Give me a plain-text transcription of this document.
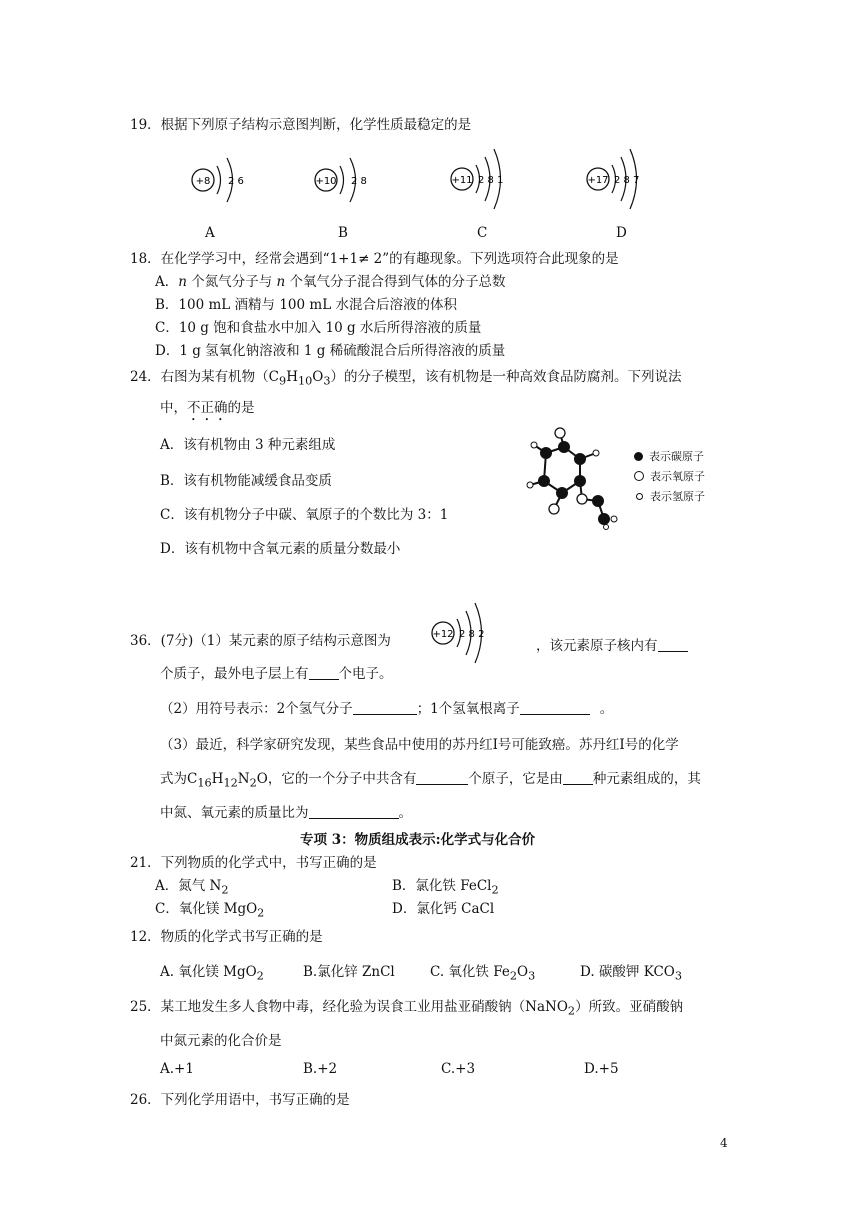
19．根据下列原子结构示意图判断，化学性质最稳定的是
+8 2 6
A
+10 2 8
B
+11 2 8 1
C
+17 2 8 7
D
18．在化学学习中，经常会遇到“1+1≠ 2”的有趣现象。下列选项符合此现象的是
A．n 个氮气分子与 n 个氧气分子混合得到气体的分子总数
B．100 mL 酒精与 100 mL 水混合后溶液的体积
C．10 g 饱和食盐水中加入 10 g 水后所得溶液的质量
D．1 g 氢氧化钠溶液和 1 g 稀硫酸混合后所得溶液的质量
24．右图为某有机物$(C_9H_{10}O_3)$的分子模型，该有机物是一种高效食品防腐剂。下列说法
中，不正确的是
A．该有机物由 3 种元素组成
B．该有机物能减缓食品变质
C．该有机物分子中碳、氧原子的个数比为 3：1
D．该有机物中含氧元素的质量分数最小
表示碳原子
表示氧原子
表示氢原子
36．(7分)（1）某元素的原子结构示意图为	+12 2 8 2
，该元素原子核内有
个质子，最外电子层上有 个电子。
（2）用符号表示：2个氢气分子	；1个氢氧根离子	。
（3）最近，科学家研究发现，某些食品中使用的苏丹红I号可能致癌。苏丹红I号的化学
式为$C_{16}H_{12}N_2O$，它的一个分子中共含有	个原子，它是由 种元素组成的，其
中氮、氧元素的质量比为	。
专项 3：物质组成表示:化学式与化合价
21．下列物质的化学式中，书写正确的是
A．氮气 $N_2$	B．氯化铁 FeCl$_2$
C．氧化镁 MgO$_2$	D．氯化钙 CaCl
12．物质的化学式书写正确的是
A. 氧化镁 MgO$_2$	B.氯化锌 ZnCl	C. 氧化铁 $Fe_2O_3$	D. 碳酸钾 $KCO_3$
25．某工地发生多人食物中毒，经化验为误食工业用盐亚硝酸钠（NaNO$_2$）所致。亚硝酸钠
中氮元素的化合价是
A.+1	B.+2	C.+3	D.+5
26．下列化学用语中，书写正确的是
4
